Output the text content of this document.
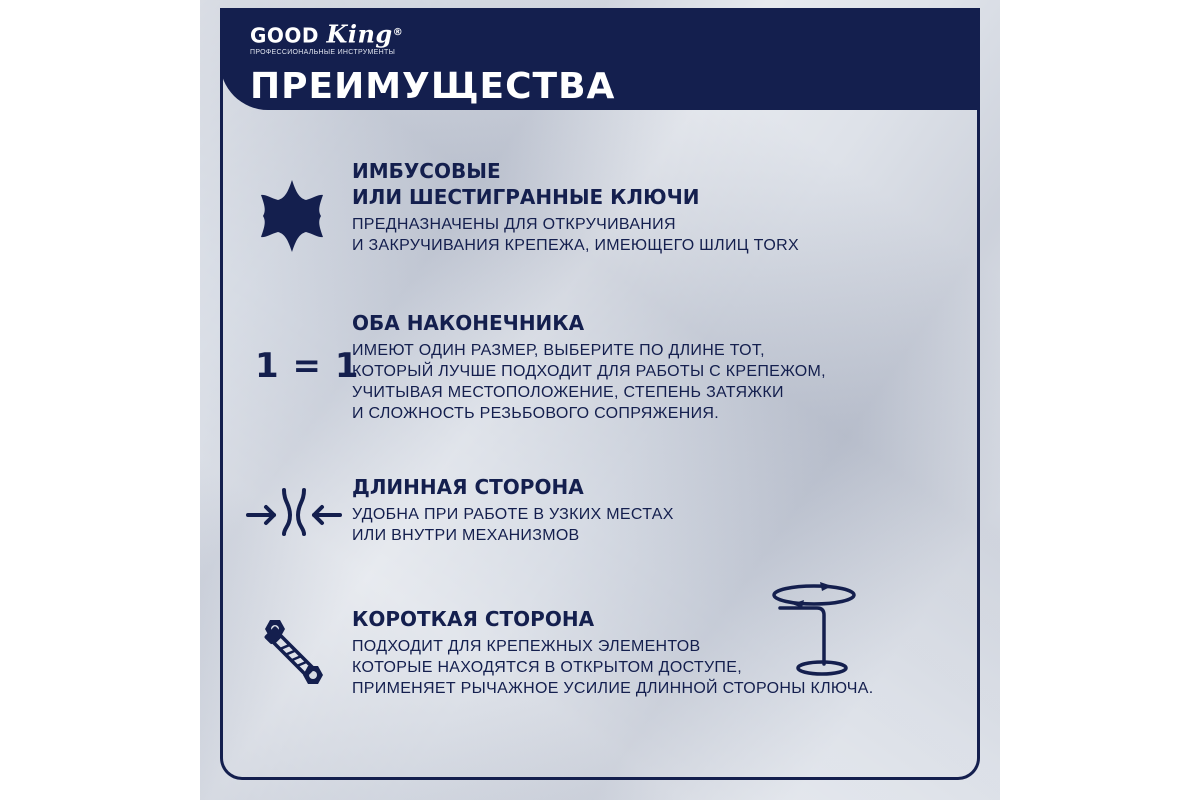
GOOD King®
ПРОФЕССИОНАЛЬНЫЕ ИНСТРУМЕНТЫ
ПРЕИМУЩЕСТВА
ИМБУСОВЫЕ
ИЛИ ШЕСТИГРАННЫЕ КЛЮЧИ
ПРЕДНАЗНАЧЕНЫ ДЛЯ ОТКРУЧИВАНИЯ
И ЗАКРУЧИВАНИЯ КРЕПЕЖА, ИМЕЮЩЕГО ШЛИЦ TORX
1 = 1
ОБА НАКОНЕЧНИКА
ИМЕЮТ ОДИН РАЗМЕР, ВЫБЕРИТЕ ПО ДЛИНЕ ТОТ,
КОТОРЫЙ ЛУЧШЕ ПОДХОДИТ ДЛЯ РАБОТЫ С КРЕПЕЖОМ,
УЧИТЫВАЯ МЕСТОПОЛОЖЕНИЕ, СТЕПЕНЬ ЗАТЯЖКИ
И СЛОЖНОСТЬ РЕЗЬБОВОГО СОПРЯЖЕНИЯ.
ДЛИННАЯ СТОРОНА
УДОБНА ПРИ РАБОТЕ В УЗКИХ МЕСТАХ
ИЛИ ВНУТРИ МЕХАНИЗМОВ
КОРОТКАЯ СТОРОНА
ПОДХОДИТ ДЛЯ КРЕПЕЖНЫХ ЭЛЕМЕНТОВ
КОТОРЫЕ НАХОДЯТСЯ В ОТКРЫТОМ ДОСТУПЕ,
ПРИМЕНЯЕТ РЫЧАЖНОЕ УСИЛИЕ ДЛИННОЙ СТОРОНЫ КЛЮЧА.
